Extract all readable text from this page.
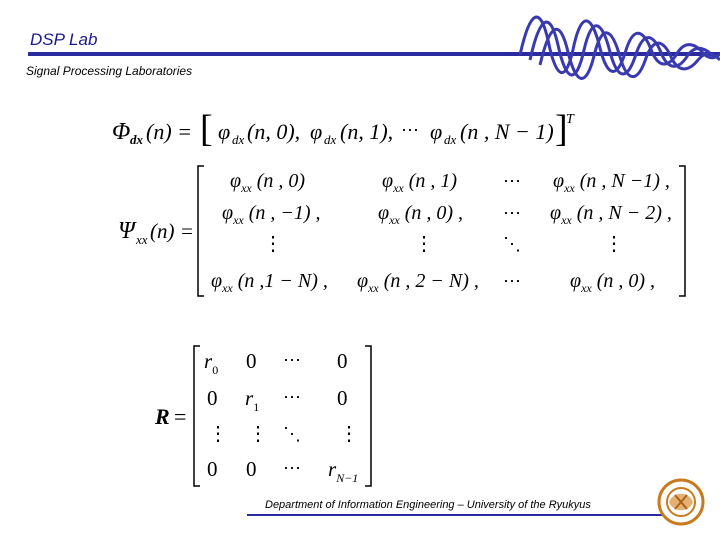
DSP Lab
Signal Processing Laboratories
Φ dx (n) = [ φ dx (n, 0), φ dx (n, 1), ⋯ φ dx (n , N − 1) ]
T
Ψ xx (n) =
$\varphi_{xx}$ (n , 0)	$\varphi_{xx}$ (n , 1)	⋯ $\varphi_{xx}$ (n , N −1) ,
$\varphi_{xx}$ (n , −1) ,	$\varphi_{xx}$ (n , 0) , ⋯ $\varphi_{xx}$ (n , N − 2) ,
⋮	⋮	⋱	⋮
$\varphi_{xx}$ (n ,1 − N) , $\varphi_{xx}$ (n , 2 − N) , ⋯ $\varphi_{xx}$ (n , 0) ,
R =
$r_0$ 0 ⋯ 0
0 $r_1$ ⋯ 0
⋮ ⋮ ⋱ ⋮
0 0 ⋯ $r_{N-1}$
Department of Information Engineering – University of the Ryukyus
